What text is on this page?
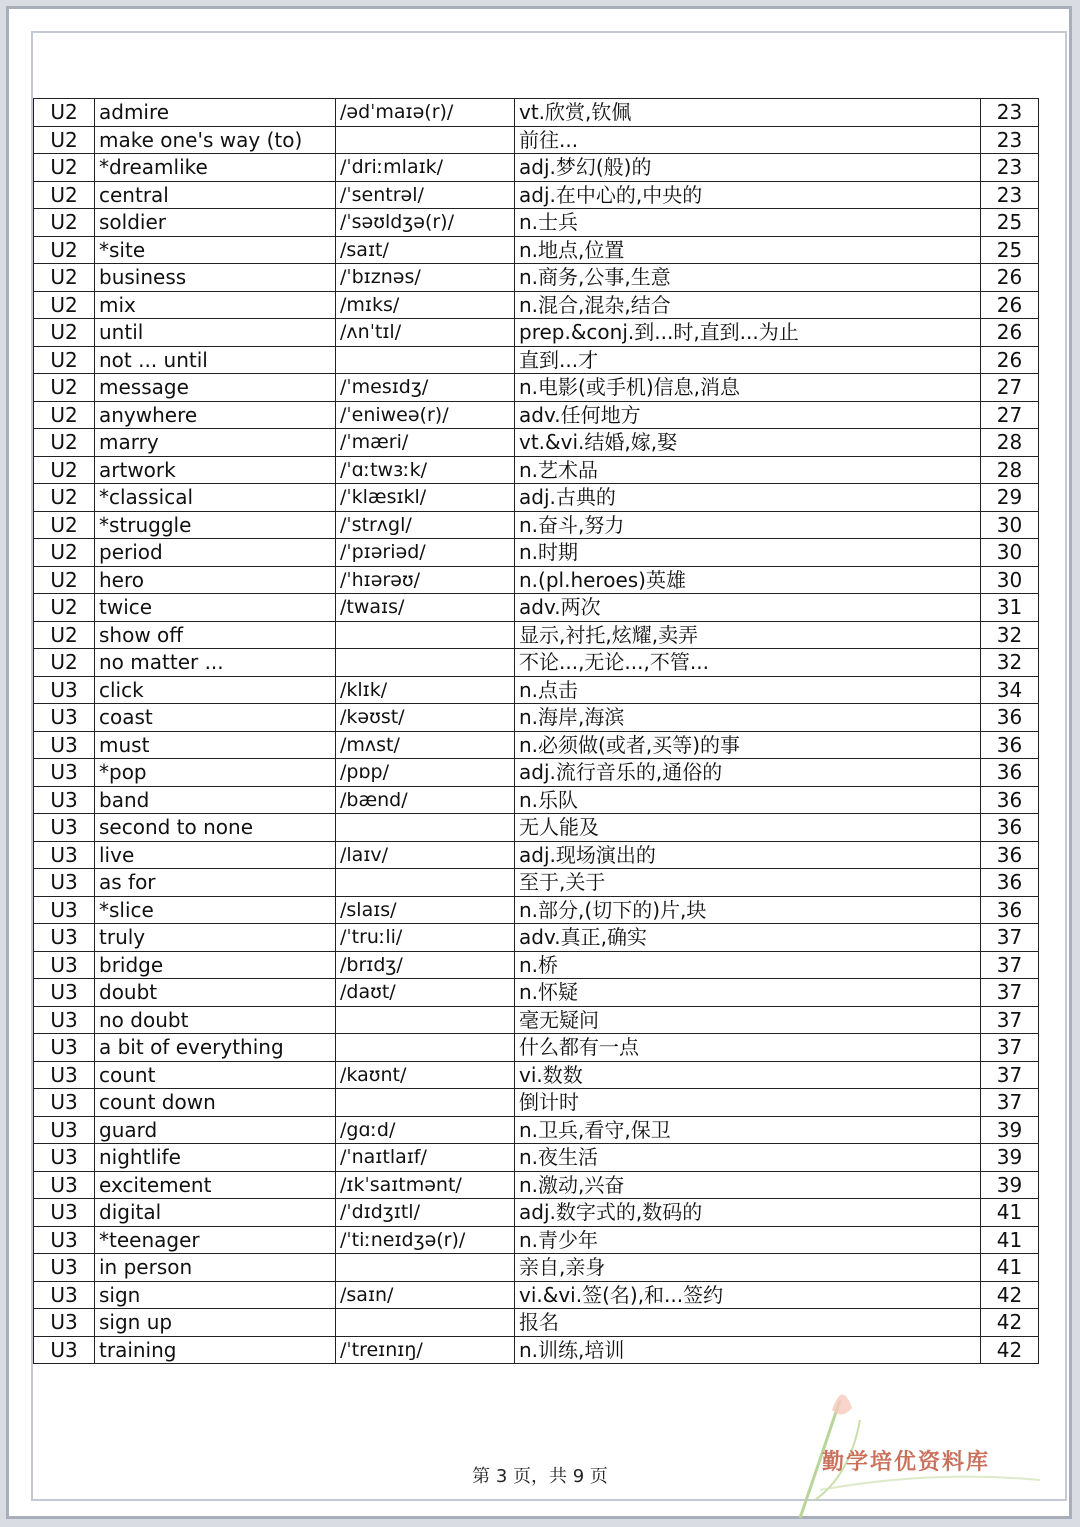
U2	admire	/ədˈmaɪə(r)/	vt.欣赏,钦佩	23
U2	make one's way (to)		前往...	23
U2	*dreamlike	/ˈdriːmlaɪk/	adj.梦幻(般)的	23
U2	central	/ˈsentrəl/	adj.在中心的,中央的	23
U2	soldier	/ˈsəʊldʒə(r)/	n.士兵	25
U2	*site	/saɪt/	n.地点,位置	25
U2	business	/ˈbɪznəs/	n.商务,公事,生意	26
U2	mix	/mɪks/	n.混合,混杂,结合	26
U2	until	/ʌnˈtɪl/	prep.&conj.到...时,直到...为止	26
U2	not ... until		直到...才	26
U2	message	/ˈmesɪdʒ/	n.电影(或手机)信息,消息	27
U2	anywhere	/ˈeniweə(r)/	adv.任何地方	27
U2	marry	/ˈmæri/	vt.&vi.结婚,嫁,娶	28
U2	artwork	/ˈɑːtwɜːk/	n.艺术品	28
U2	*classical	/ˈklæsɪkl/	adj.古典的	29
U2	*struggle	/ˈstrʌgl/	n.奋斗,努力	30
U2	period	/ˈpɪəriəd/	n.时期	30
U2	hero	/ˈhɪərəʊ/	n.(pl.heroes)英雄	30
U2	twice	/twaɪs/	adv.两次	31
U2	show off		显示,衬托,炫耀,卖弄	32
U2	no matter ...		不论...,无论...,不管...	32
U3	click	/klɪk/	n.点击	34
U3	coast	/kəʊst/	n.海岸,海滨	36
U3	must	/mʌst/	n.必须做(或者,买等)的事	36
U3	*pop	/pɒp/	adj.流行音乐的,通俗的	36
U3	band	/bænd/	n.乐队	36
U3	second to none		无人能及	36
U3	live	/laɪv/	adj.现场演出的	36
U3	as for		至于,关于	36
U3	*slice	/slaɪs/	n.部分,(切下的)片,块	36
U3	truly	/ˈtruːli/	adv.真正,确实	37
U3	bridge	/brɪdʒ/	n.桥	37
U3	doubt	/daʊt/	n.怀疑	37
U3	no doubt		毫无疑问	37
U3	a bit of everything		什么都有一点	37
U3	count	/kaʊnt/	vi.数数	37
U3	count down		倒计时	37
U3	guard	/gɑːd/	n.卫兵,看守,保卫	39
U3	nightlife	/ˈnaɪtlaɪf/	n.夜生活	39
U3	excitement	/ɪkˈsaɪtmənt/	n.激动,兴奋	39
U3	digital	/ˈdɪdʒɪtl/	adj.数字式的,数码的	41
U3	*teenager	/ˈtiːneɪdʒə(r)/	n.青少年	41
U3	in person		亲自,亲身	41
U3	sign	/saɪn/	vi.&vi.签(名),和...签约	42
U3	sign up		报名	42
U3	training	/ˈtreɪnɪŋ/	n.训练,培训	42
第 3 页，共 9 页
勤学培优资料库
